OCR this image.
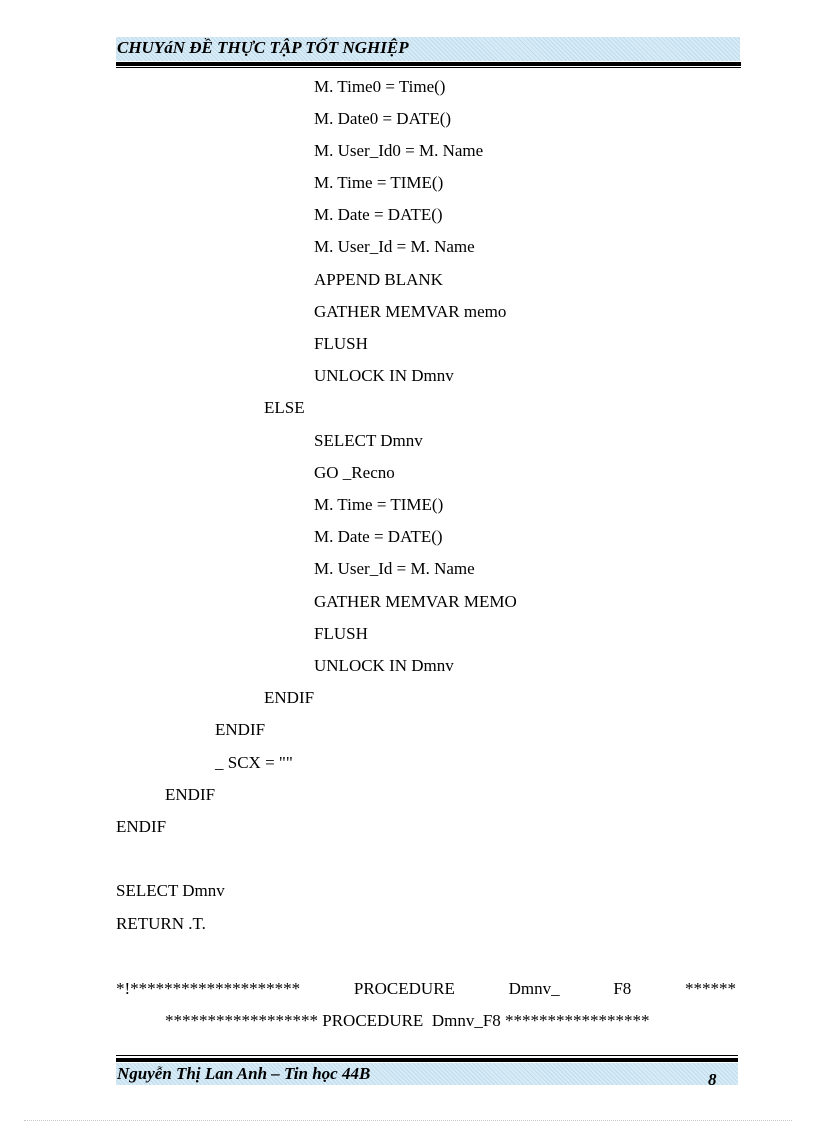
CHUYáN ĐỀ THỰC TẬP TỐT NGHIỆP
M. Time0 = Time()
M. Date0 = DATE()
M. User_Id0 = M. Name
M. Time = TIME()
M. Date = DATE()
M. User_Id = M. Name
APPEND BLANK
GATHER MEMVAR memo
FLUSH
UNLOCK IN Dmnv
ELSE
SELECT Dmnv
GO _Recno
M. Time = TIME()
M. Date = DATE()
M. User_Id = M. Name
GATHER MEMVAR MEMO
FLUSH
UNLOCK IN Dmnv
ENDIF
ENDIF
_ SCX = ""
ENDIF
ENDIF
SELECT Dmnv
RETURN .T.
*!********************	PROCEDURE	Dmnv_	F8	******
****************** PROCEDURE  Dmnv_F8 *****************
Nguyễn Thị Lan Anh – Tin học 44B	8
